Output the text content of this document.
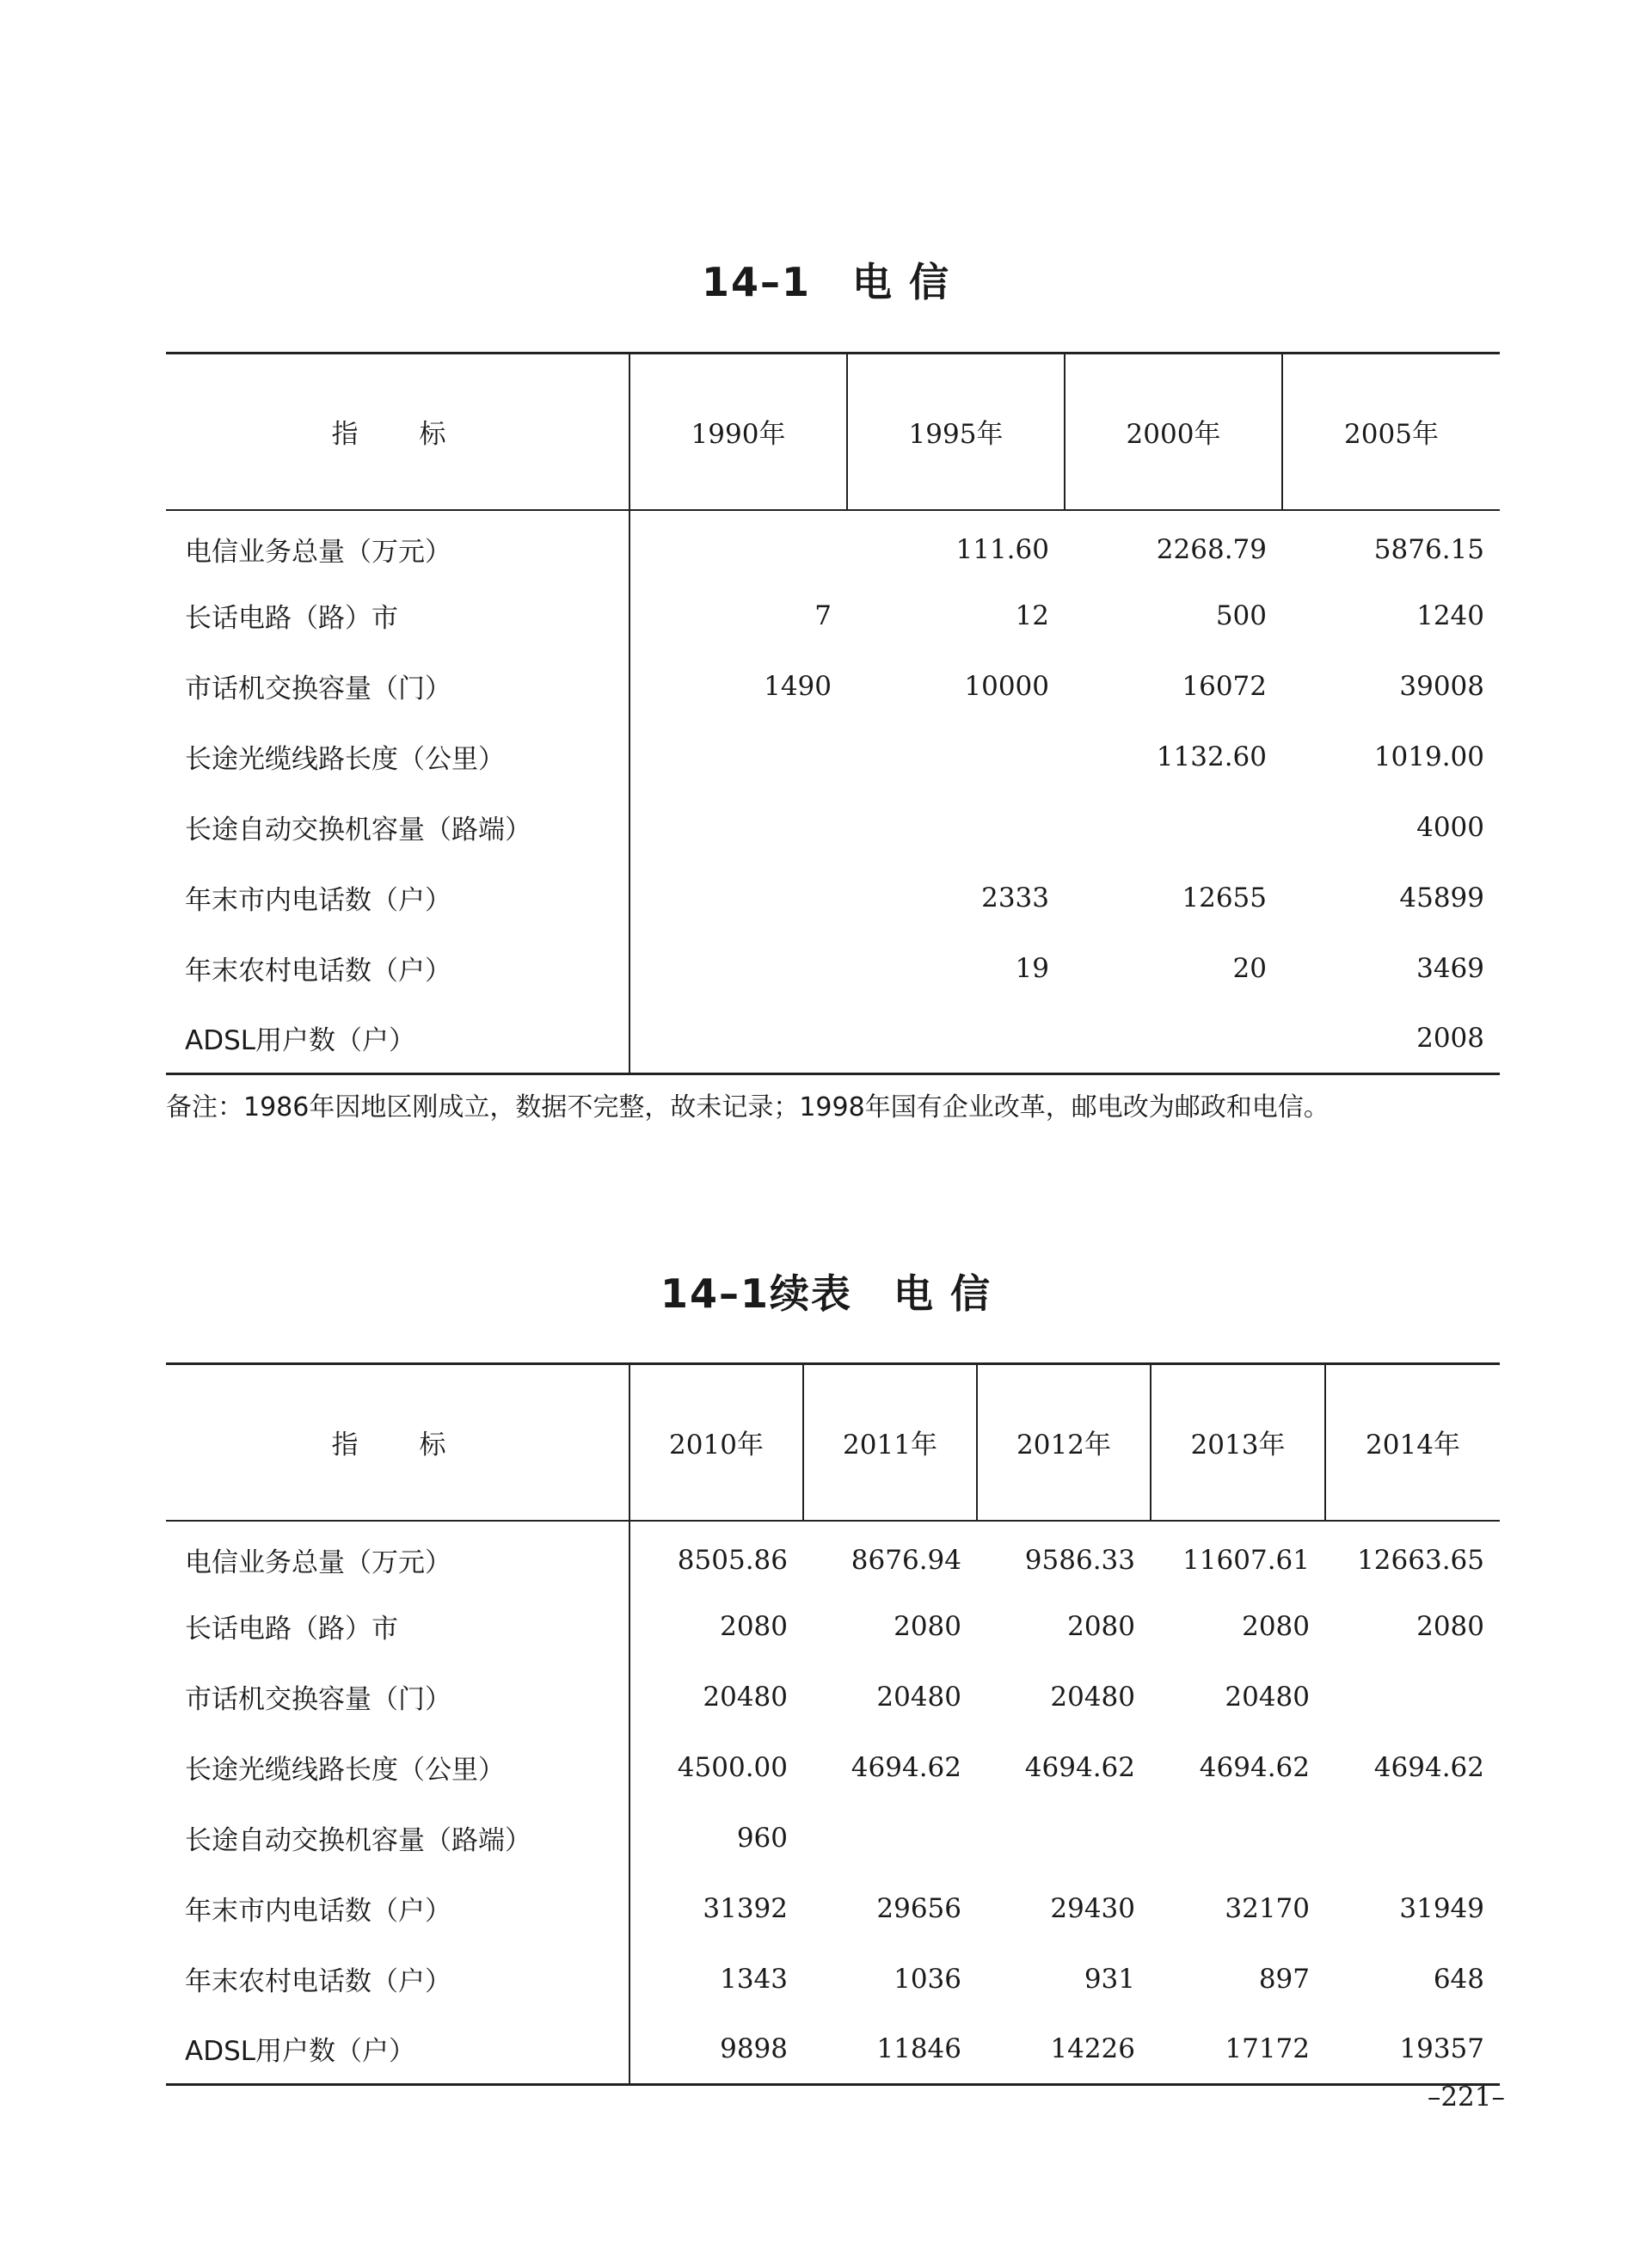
14–1　电 信
指　标	1990年	1995年	2000年	2005年
电信业务总量（万元）		111.60	2268.79	5876.15
长话电路（路）市	7	12	500	1240
市话机交换容量（门）	1490	10000	16072	39008
长途光缆线路长度（公里）			1132.60	1019.00
长途自动交换机容量（路端）				4000
年末市内电话数（户）		2333	12655	45899
年末农村电话数（户）		19	20	3469
ADSL用户数（户）				2008
备注：1986年因地区刚成立，数据不完整，故未记录；1998年国有企业改革，邮电改为邮政和电信。
14–1续表　电 信
指　标	2010年	2011年	2012年	2013年	2014年
电信业务总量（万元）	8505.86	8676.94	9586.33	11607.61	12663.65
长话电路（路）市	2080	2080	2080	2080	2080
市话机交换容量（门）	20480	20480	20480	20480	
长途光缆线路长度（公里）	4500.00	4694.62	4694.62	4694.62	4694.62
长途自动交换机容量（路端）	960				
年末市内电话数（户）	31392	29656	29430	32170	31949
年末农村电话数（户）	1343	1036	931	897	648
ADSL用户数（户）	9898	11846	14226	17172	19357
–221–
